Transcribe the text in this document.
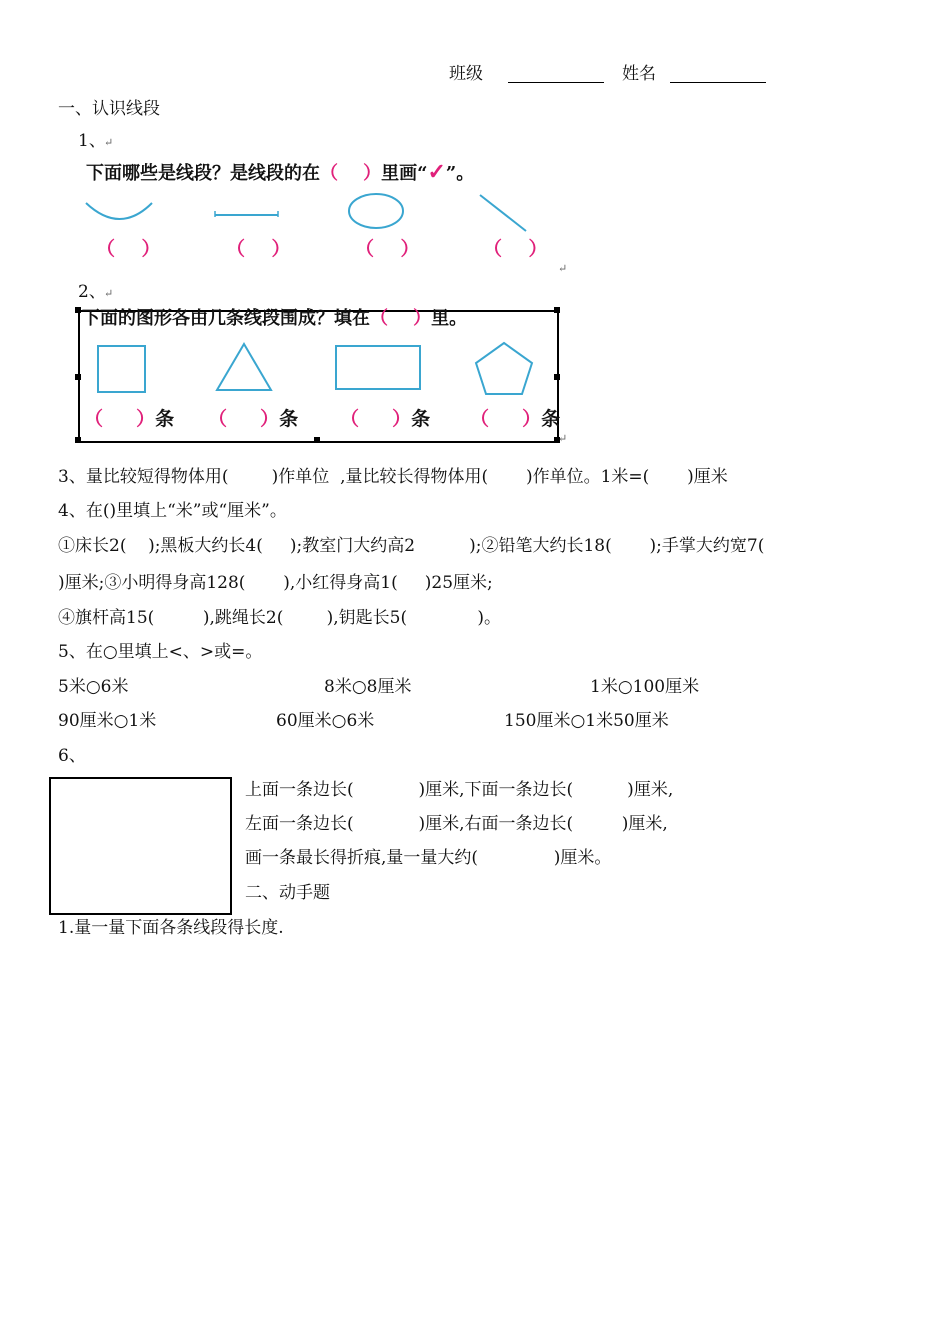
班级	姓名
一、认识线段
1、
↵
下面哪些是线段？是线段的在（    ）里画“✓”。
（    ）	（    ）	（    ）	（    ）
↵
2、
↵
下面的图形各由几条线段围成？填在（    ）里。
（     ）条 （     ）条 （     ）条 （     ）条
↵
3、量比较短得物体用(        )作单位  ,量比较长得物体用(       )作单位。1米=(       )厘米
4、在()里填上“米”或“厘米”。
①床长2(    );黑板大约长4(     );教室门大约高2          );②铅笔大约长18(       );手掌大约宽7(
)厘米;③小明得身高128(       ),小红得身高1(     )25厘米;
④旗杆高15(         ),跳绳长2(        ),钥匙长5(             )。
5、在○里填上<、>或=。
5米○6米	8米○8厘米	1米○100厘米
90厘米○1米	60厘米○6米	150厘米○1米50厘米
6、
上面一条边长(            )厘米,下面一条边长(          )厘米,
左面一条边长(            )厘米,右面一条边长(         )厘米,
画一条最长得折痕,量一量大约(              )厘米。
二、动手题
1.量一量下面各条线段得长度.
